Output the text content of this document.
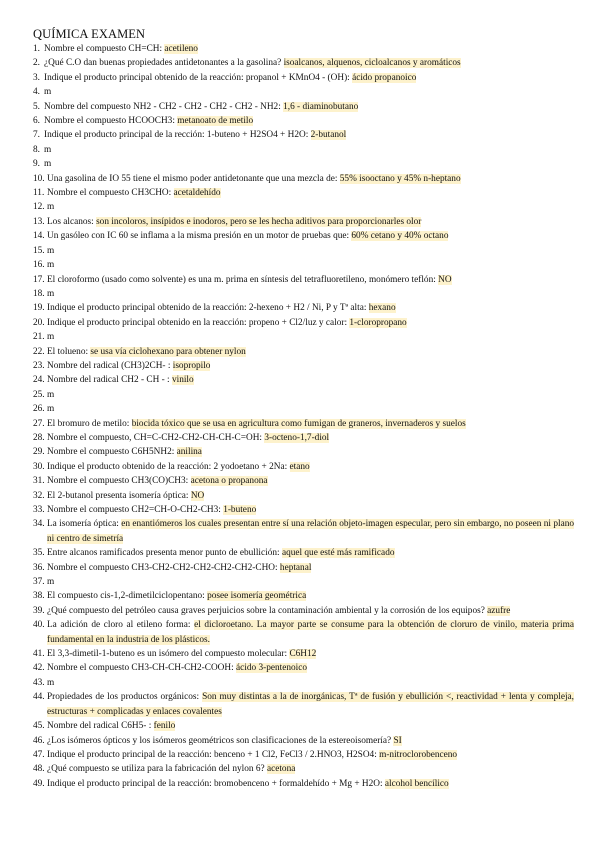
QUÍMICA EXAMEN
1. Nombre el compuesto CH=CH: acetileno
2. ¿Qué C.O dan buenas propiedades antidetonantes a la gasolina? isoalcanos, alquenos, cicloalcanos y aromáticos
3. Indique el producto principal obtenido de la reacción: propanol + KMnO4 - (OH): ácido propanoico
4. m
5. Nombre del compuesto NH2 - CH2 - CH2 - CH2 - CH2 - NH2: 1,6 - diaminobutano
6. Nombre el compuesto HCOOCH3: metanoato de metilo
7. Indique el producto principal de la rección: 1-buteno + H2SO4 + H2O: 2-butanol
8. m
9. m
10. Una gasolina de IO 55 tiene el mismo poder antidetonante que una mezcla de: 55% isooctano y 45% n-heptano
11. Nombre el compuesto CH3CHO: acetaldehído
12. m
13. Los alcanos: son incoloros, insípidos e inodoros, pero se les hecha aditivos para proporcionarles olor
14. Un gasóleo con IC 60 se inflama a la misma presión en un motor de pruebas que: 60% cetano y 40% octano
15. m
16. m
17. El cloroformo (usado como solvente) es una m. prima en síntesis del tetrafluoretileno, monómero teflón: NO
18. m
19. Indique el producto principal obtenido de la reacción: 2-hexeno + H2 / Ni, P y Tª alta: hexano
20. Indique el producto principal obtenido en la reacción: propeno + Cl2/luz y calor: 1-cloropropano
21. m
22. El tolueno: se usa vía ciclohexano para obtener nylon
23. Nombre del radical (CH3)2CH- : isopropilo
24. Nombre del radical CH2 - CH - : vinilo
25. m
26. m
27. El bromuro de metilo: biocida tóxico que se usa en agricultura como fumigan de graneros, invernaderos y suelos
28. Nombre el compuesto, CH=C-CH2-CH2-CH-CH-C=OH: 3-octeno-1,7-diol
29. Nombre el compuesto C6H5NH2: anilina
30. Indique el producto obtenido de la reacción: 2 yodoetano + 2Na: etano
31. Nombre el compuesto CH3(CO)CH3: acetona o propanona
32. El 2-butanol presenta isomería óptica: NO
33. Nombre el compuesto CH2=CH-O-CH2-CH3: 1-buteno
34. La isomería óptica: en enantiómeros los cuales presentan entre sí una relación objeto-imagen especular, pero sin embargo, no poseen ni plano ni centro de simetría
35. Entre alcanos ramificados presenta menor punto de ebullición: aquel que esté más ramificado
36. Nombre el compuesto CH3-CH2-CH2-CH2-CH2-CH2-CHO: heptanal
37. m
38. El compuesto cis-1,2-dimetilciclopentano: posee isomería geométrica
39. ¿Qué compuesto del petróleo causa graves perjuicios sobre la contaminación ambiental y la corrosión de los equipos? azufre
40. La adición de cloro al etileno forma: el dicloroetano. La mayor parte se consume para la obtención de cloruro de vinilo, materia prima fundamental en la industria de los plásticos.
41. El 3,3-dimetil-1-buteno es un isómero del compuesto molecular: C6H12
42. Nombre el compuesto CH3-CH-CH-CH2-COOH: ácido 3-pentenoico
43. m
44. Propiedades de los productos orgánicos: Son muy distintas a la de inorgánicas, Tª de fusión y ebullición <, reactividad + lenta y compleja, estructuras + complicadas y enlaces covalentes
45. Nombre del radical C6H5- : fenilo
46. ¿Los isómeros ópticos y los isómeros geométricos son clasificaciones de la estereoisomería? SI
47. Indique el producto principal de la reacción: benceno + 1 Cl2, FeCl3 / 2.HNO3, H2SO4: m-nitroclorobenceno
48. ¿Qué compuesto se utiliza para la fabricación del nylon 6? acetona
49. Indique el producto principal de la reacción: bromobenceno + formaldehído + Mg + H2O: alcohol bencílico
